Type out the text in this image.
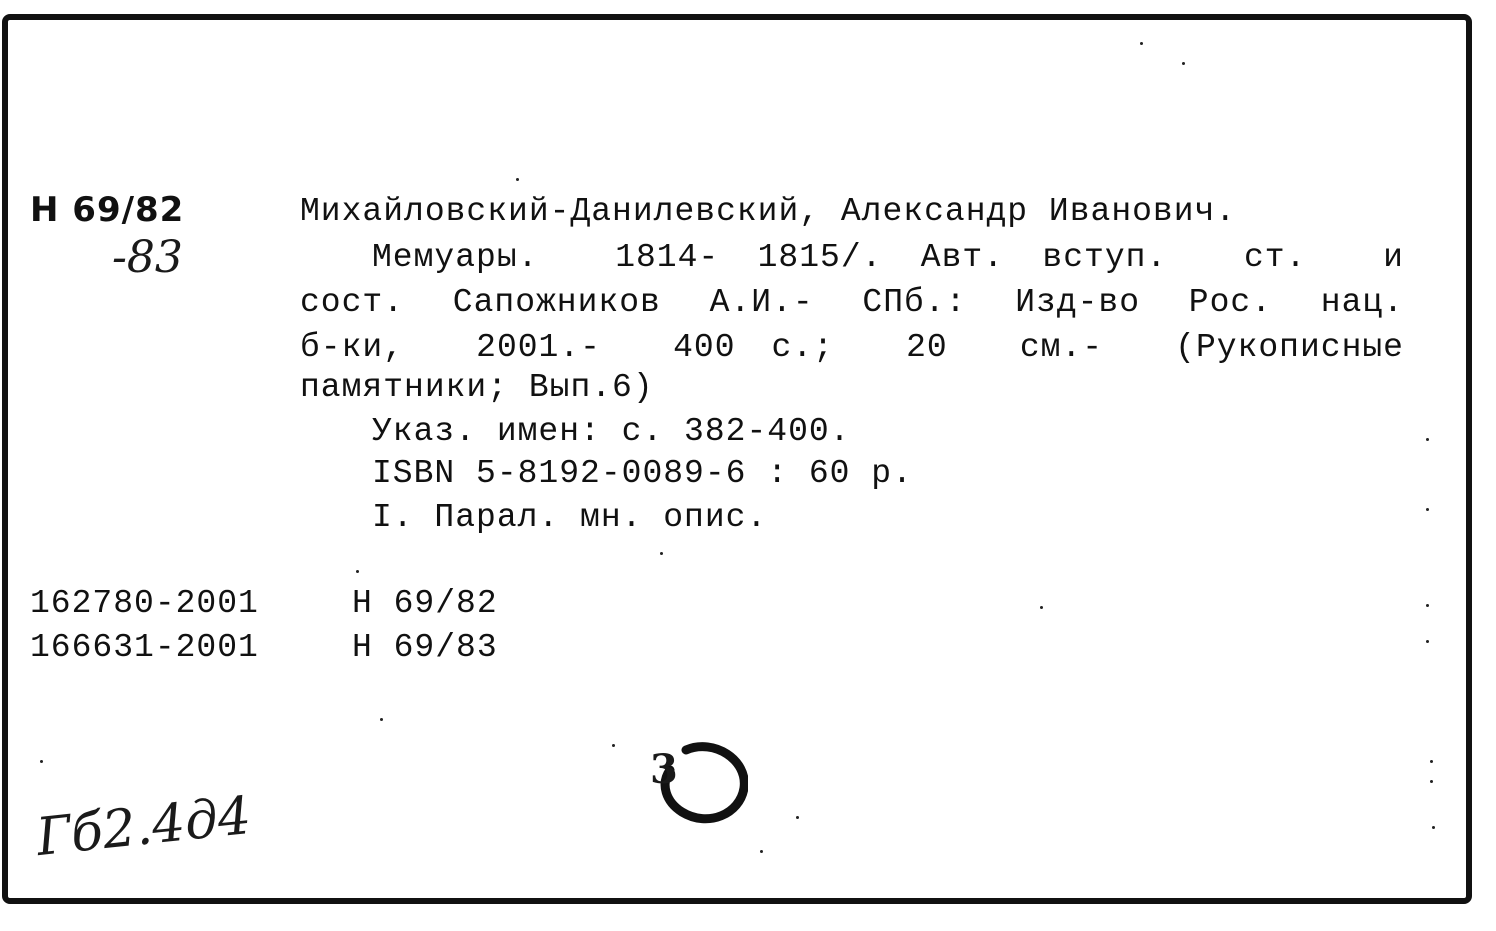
Н 69/82
-83
Михайловский-Данилевский, Александр Иванович.
Мемуары.  1814- 1815/. Авт. вступ.  ст.  и
сост. Сапожников А.И.- СПб.: Изд-во Рос. нац.
б-ки,  2001.-  400 с.;  20  см.-  (Рукописные
памятники; Вып.6)
Указ. имен: с. 382-400.
ISBN 5-8192-0089-6 : 60 р.
I. Парал. мн. опис.
162780-2001	Н 69/82
166631-2001	Н 69/83
3
Гб2.4д4
